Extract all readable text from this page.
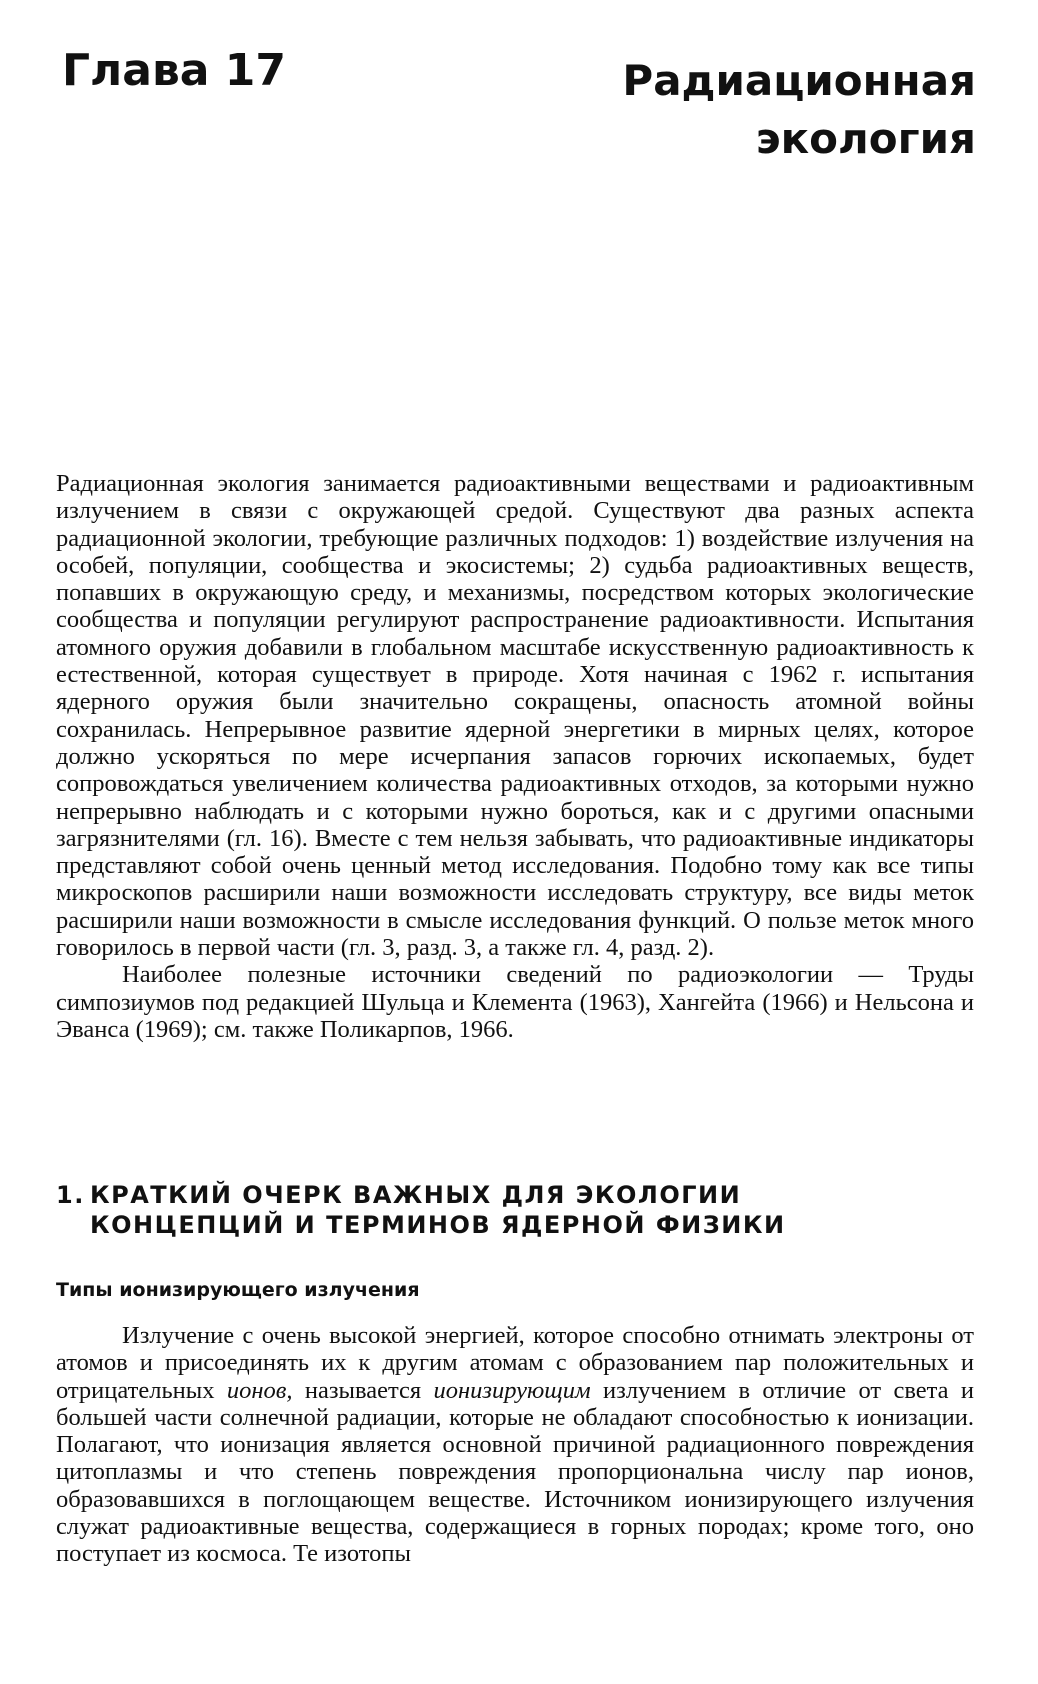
Глава 17	Радиационная
экология

Радиационная экология занимается радиоактивными веществами и радиоактивным излучением в связи с окружающей средой. Существуют два разных аспекта радиационной экологии, требующие различных подходов: 1) воздействие излучения на особей, популяции, сообщества и экосистемы; 2) судьба радиоактивных веществ, попавших в окружающую среду, и механизмы, посредством которых экологические сообщества и популяции регулируют распространение радиоактивности. Испытания атомного оружия добавили в глобальном масштабе искусственную радиоактивность к естественной, которая существует в природе. Хотя начиная с 1962 г. испытания ядерного оружия были значительно сокращены, опасность атомной войны сохранилась. Непрерывное развитие ядерной энергетики в мирных целях, которое должно ускоряться по мере исчерпания запасов горючих ископаемых, будет сопровождаться увеличением количества радиоактивных отходов, за которыми нужно непрерывно наблюдать и с которыми нужно бороться, как и с другими опасными загрязнителями (гл. 16). Вместе с тем нельзя забывать, что радиоактивные индикаторы представляют собой очень ценный метод исследования. Подобно тому как все типы микроскопов расширили наши возможности исследовать структуру, все виды меток расширили наши возможности в смысле исследования функций. О пользе меток много говорилось в первой части (гл. 3, разд. 3, а также гл. 4, разд. 2).

Наиболее полезные источники сведений по радиоэкологии — Труды симпозиумов под редакцией Шульца и Клемента (1963), Хангейта (1966) и Нельсона и Эванса (1969); см. также Поликарпов, 1966.

1. КРАТКИЙ ОЧЕРК ВАЖНЫХ ДЛЯ ЭКОЛОГИИ
КОНЦЕПЦИЙ И ТЕРМИНОВ ЯДЕРНОЙ ФИЗИКИ
Типы ионизирующего излучения

Излучение с очень высокой энергией, которое способно отнимать электроны от атомов и присоединять их к другим атомам с образованием пар положительных и отрицательных ионов, называется ионизирующим излучением в отличие от света и большей части солнечной радиации, которые не обладают способностью к ионизации. Полагают, что ионизация является основной причиной радиационного повреждения цитоплазмы и что степень повреждения пропорциональна числу пар ионов, образовавшихся в поглощающем веществе. Источником ионизирующего излучения служат радиоактивные вещества, содержащиеся в горных породах; кроме того, оно поступает из космоса. Те изотопы
